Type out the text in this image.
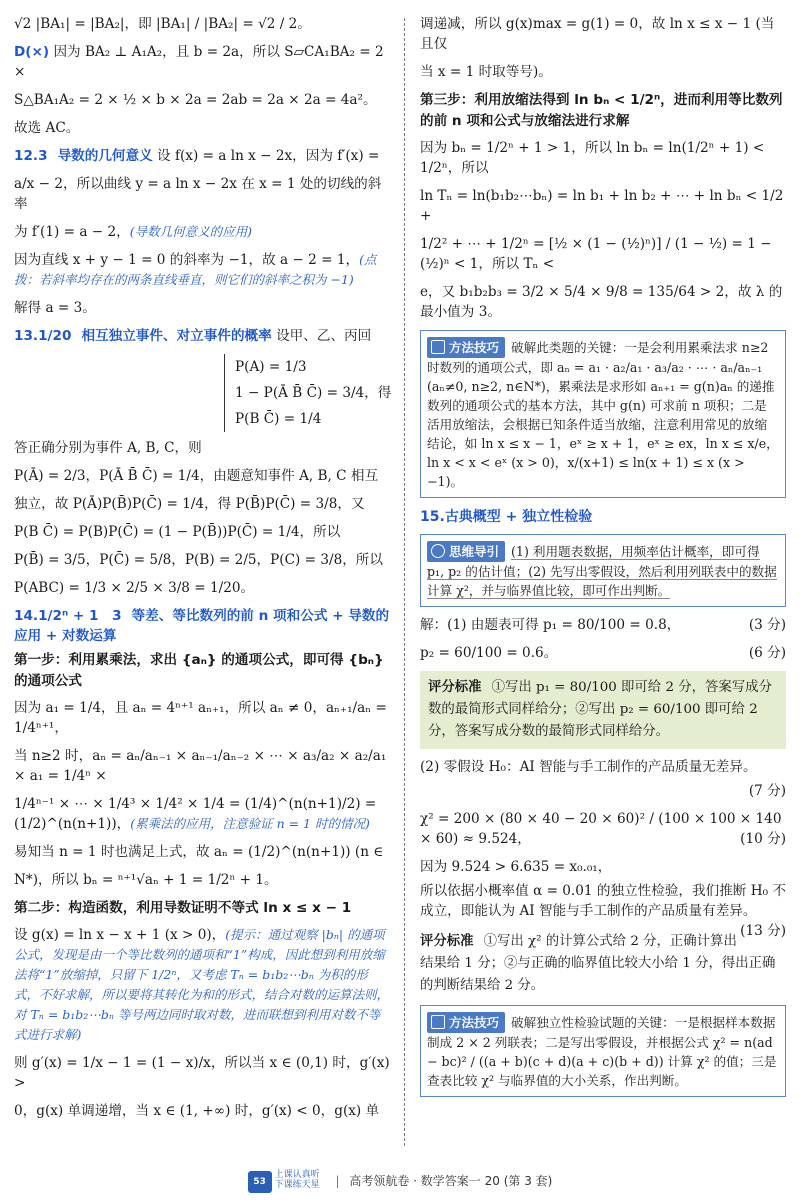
√2 |BA₁| = |BA₂|，即 |BA₁| / |BA₂| = √2 / 2。

D(×) 因为 BA₂ ⊥ A₁A₂，且 b = 2a，所以 S▱CA₁BA₂ = 2 ×

S△BA₁A₂ = 2 × ½ × b × 2a = 2ab = 2a × 2a = 4a²。

故选 AC。

12.3 导数的几何意义 设 f(x) = a ln x − 2x，因为 f′(x) =

a/x − 2，所以曲线 y = a ln x − 2x 在 x = 1 处的切线的斜率

为 f′(1) = a − 2，(导数几何意义的应用)

因为直线 x + y − 1 = 0 的斜率为 −1，故 a − 2 = 1，(点拨：若斜率均存在的两条直线垂直，则它们的斜率之积为 −1)

解得 a = 3。

13.1/20 相互独立事件、对立事件的概率 设甲、乙、丙回

P(A) = 1/3
1 − P(Ā B̄ C̄) = 3/4，得
P(B C̄) = 1/4

答正确分别为事件 A, B, C，则

P(Ā) = 2/3，P(Ā B̄ C̄) = 1/4，由题意知事件 A, B, C 相互

独立，故 P(Ā)P(B̄)P(C̄) = 1/4，得 P(B̄)P(C̄) = 3/8，又

P(B C̄) = P(B)P(C̄) = (1 − P(B̄))P(C̄) = 1/4，所以

P(B̄) = 3/5，P(C̄) = 5/8，P(B) = 2/5，P(C) = 3/8，所以

P(ABC) = 1/3 × 2/5 × 3/8 = 1/20。

14.1/2ⁿ + 1　3 等差、等比数列的前 n 项和公式 + 导数的应用 + 对数运算

第一步：利用累乘法，求出 {aₙ} 的通项公式，即可得 {bₙ} 的通项公式

因为 a₁ = 1/4，且 aₙ = 4ⁿ⁺¹ aₙ₊₁，所以 aₙ ≠ 0，aₙ₊₁/aₙ = 1/4ⁿ⁺¹，

当 n≥2 时，aₙ = aₙ/aₙ₋₁ × aₙ₋₁/aₙ₋₂ × ⋯ × a₃/a₂ × a₂/a₁ × a₁ = 1/4ⁿ ×

1/4ⁿ⁻¹ × ⋯ × 1/4³ × 1/4² × 1/4 = (1/4)^(n(n+1)/2) = (1/2)^(n(n+1))，(累乘法的应用，注意验证 n = 1 时的情况)

易知当 n = 1 时也满足上式，故 aₙ = (1/2)^(n(n+1)) (n ∈

N*)，所以 bₙ = ⁿ⁺¹√aₙ + 1 = 1/2ⁿ + 1。

第二步：构造函数，利用导数证明不等式 ln x ≤ x − 1

设 g(x) = ln x − x + 1 (x > 0)，(提示：通过观察 |bₙ| 的通项公式，发现是由一个等比数列的通项和“1”构成，因此想到利用放缩法将“1”放缩掉，只留下 1/2ⁿ，又考虑 Tₙ = b₁b₂⋯bₙ 为积的形式，不好求解，所以要将其转化为和的形式，结合对数的运算法则，对 Tₙ = b₁b₂⋯bₙ 等号两边同时取对数，进而联想到利用对数不等式进行求解)

则 g′(x) = 1/x − 1 = (1 − x)/x，所以当 x ∈ (0,1) 时，g′(x) >

0，g(x) 单调递增，当 x ∈ (1, +∞) 时，g′(x) < 0，g(x) 单

调递减，所以 g(x)max = g(1) = 0，故 ln x ≤ x − 1 (当且仅

当 x = 1 时取等号)。

第三步：利用放缩法得到 ln bₙ < 1/2ⁿ，进而利用等比数列的前 n 项和公式与放缩法进行求解

因为 bₙ = 1/2ⁿ + 1 > 1，所以 ln bₙ = ln(1/2ⁿ + 1) < 1/2ⁿ，所以

ln Tₙ = ln(b₁b₂⋯bₙ) = ln b₁ + ln b₂ + ⋯ + ln bₙ < 1/2 +

1/2² + ⋯ + 1/2ⁿ = [½ × (1 − (½)ⁿ)] / (1 − ½) = 1 − (½)ⁿ < 1，所以 Tₙ <

e，又 b₁b₂b₃ = 3/2 × 5/4 × 9/8 = 135/64 > 2，故 λ 的最小值为 3。

方法技巧 破解此类题的关键：一是会利用累乘法求 n≥2 时数列的通项公式，即 aₙ = a₁ · a₂/a₁ · a₃/a₂ · ⋯ · aₙ/aₙ₋₁ (aₙ≠0, n≥2, n∈N*)，累乘法是求形如 aₙ₊₁ = g(n)aₙ 的递推数列的通项公式的基本方法，其中 g(n) 可求前 n 项积；二是活用放缩法，会根据已知条件适当放缩，注意利用常见的放缩结论，如 ln x ≤ x − 1，eˣ ≥ x + 1，eˣ ≥ ex，ln x ≤ x/e，ln x < x < eˣ (x > 0)，x/(x+1) ≤ ln(x + 1) ≤ x (x > −1)。

15.古典概型 + 独立性检验

思维导引 (1) 利用题表数据，用频率估计概率，即可得 p₁, p₂ 的估计值；(2) 先写出零假设，然后利用列联表中的数据计算 χ²，并与临界值比较，即可作出判断。

解：(1) 由题表可得 p₁ = 80/100 = 0.8，	(3 分)

p₂ = 60/100 = 0.6。	(6 分)

评分标准 ①写出 p₁ = 80/100 即可给 2 分，答案写成分数的最简形式同样给分；②写出 p₂ = 60/100 即可给 2 分，答案写成分数的最简形式同样给分。

(2) 零假设 H₀：AI 智能与手工制作的产品质量无差异。

(7 分)

χ² = 200 × (80 × 40 − 20 × 60)² / (100 × 100 × 140 × 60) ≈ 9.524，	(10 分)

因为 9.524 > 6.635 = x₀.₀₁，

所以依据小概率值 α = 0.01 的独立性检验，我们推断 H₀ 不成立，即能认为 AI 智能与手工制作的产品质量有差异。
(13 分)

评分标准 ①写出 χ² 的计算公式给 2 分，正确计算出结果给 1 分；②与正确的临界值比较大小给 1 分，得出正确的判断结果给 2 分。
方法技巧 破解独立性检验试题的关键：一是根据样本数据制成 2 × 2 列联表；二是写出零假设，并根据公式 χ² = n(ad − bc)² / ((a + b)(c + d)(a + c)(b + d)) 计算 χ² 的值；三是查表比较 χ² 与临界值的大小关系，作出判断。
53上课认真听
下课练天星 | 高考领航卷 · 数学答案一 20 (第 3 套)
